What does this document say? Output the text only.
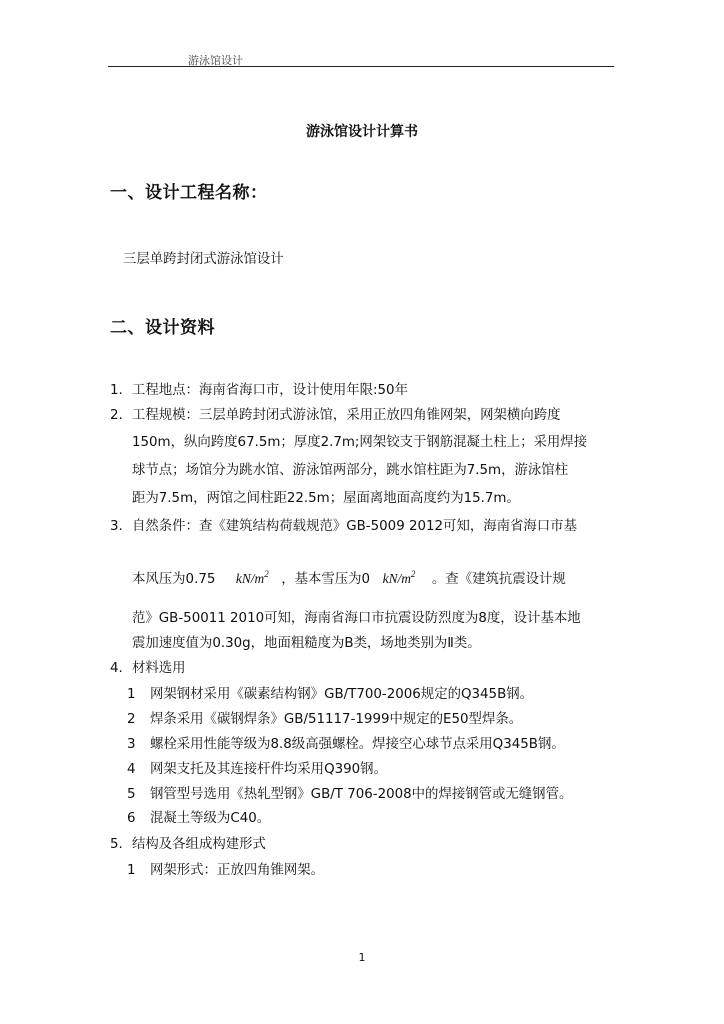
游泳馆设计
游泳馆设计计算书
一、设计工程名称：
三层单跨封闭式游泳馆设计
二、设计资料
1. 工程地点：海南省海口市，设计使用年限:50年
2. 工程规模：三层单跨封闭式游泳馆，采用正放四角锥网架，网架横向跨度
150m，纵向跨度67.5m；厚度2.7m;网架铰支于钢筋混凝土柱上；采用焊接
球节点；场馆分为跳水馆、游泳馆两部分，跳水馆柱距为7.5m，游泳馆柱
距为7.5m，两馆之间柱距22.5m；屋面离地面高度约为15.7m。
3. 自然条件：查《建筑结构荷载规范》GB-5009 2012可知，海南省海口市基
本风压为0.75 $kN/m^2$ ，基本雪压为0 $kN/m^2$ 。查《建筑抗震设计规
范》GB-50011 2010可知，海南省海口市抗震设防烈度为8度，设计基本地
震加速度值为0.30g，地面粗糙度为B类，场地类别为Ⅱ类。
4. 材料选用
1 网架钢材采用《碳素结构钢》GB/T700-2006规定的Q345B钢。
2 焊条采用《碳钢焊条》GB/51117-1999中规定的E50型焊条。
3 螺栓采用性能等级为8.8级高强螺栓。焊接空心球节点采用Q345B钢。
4 网架支托及其连接杆件均采用Q390钢。
5 钢管型号选用《热轧型钢》GB/T 706-2008中的焊接钢管或无缝钢管。
6 混凝土等级为C40。
5. 结构及各组成构建形式
1 网架形式：正放四角锥网架。
1
